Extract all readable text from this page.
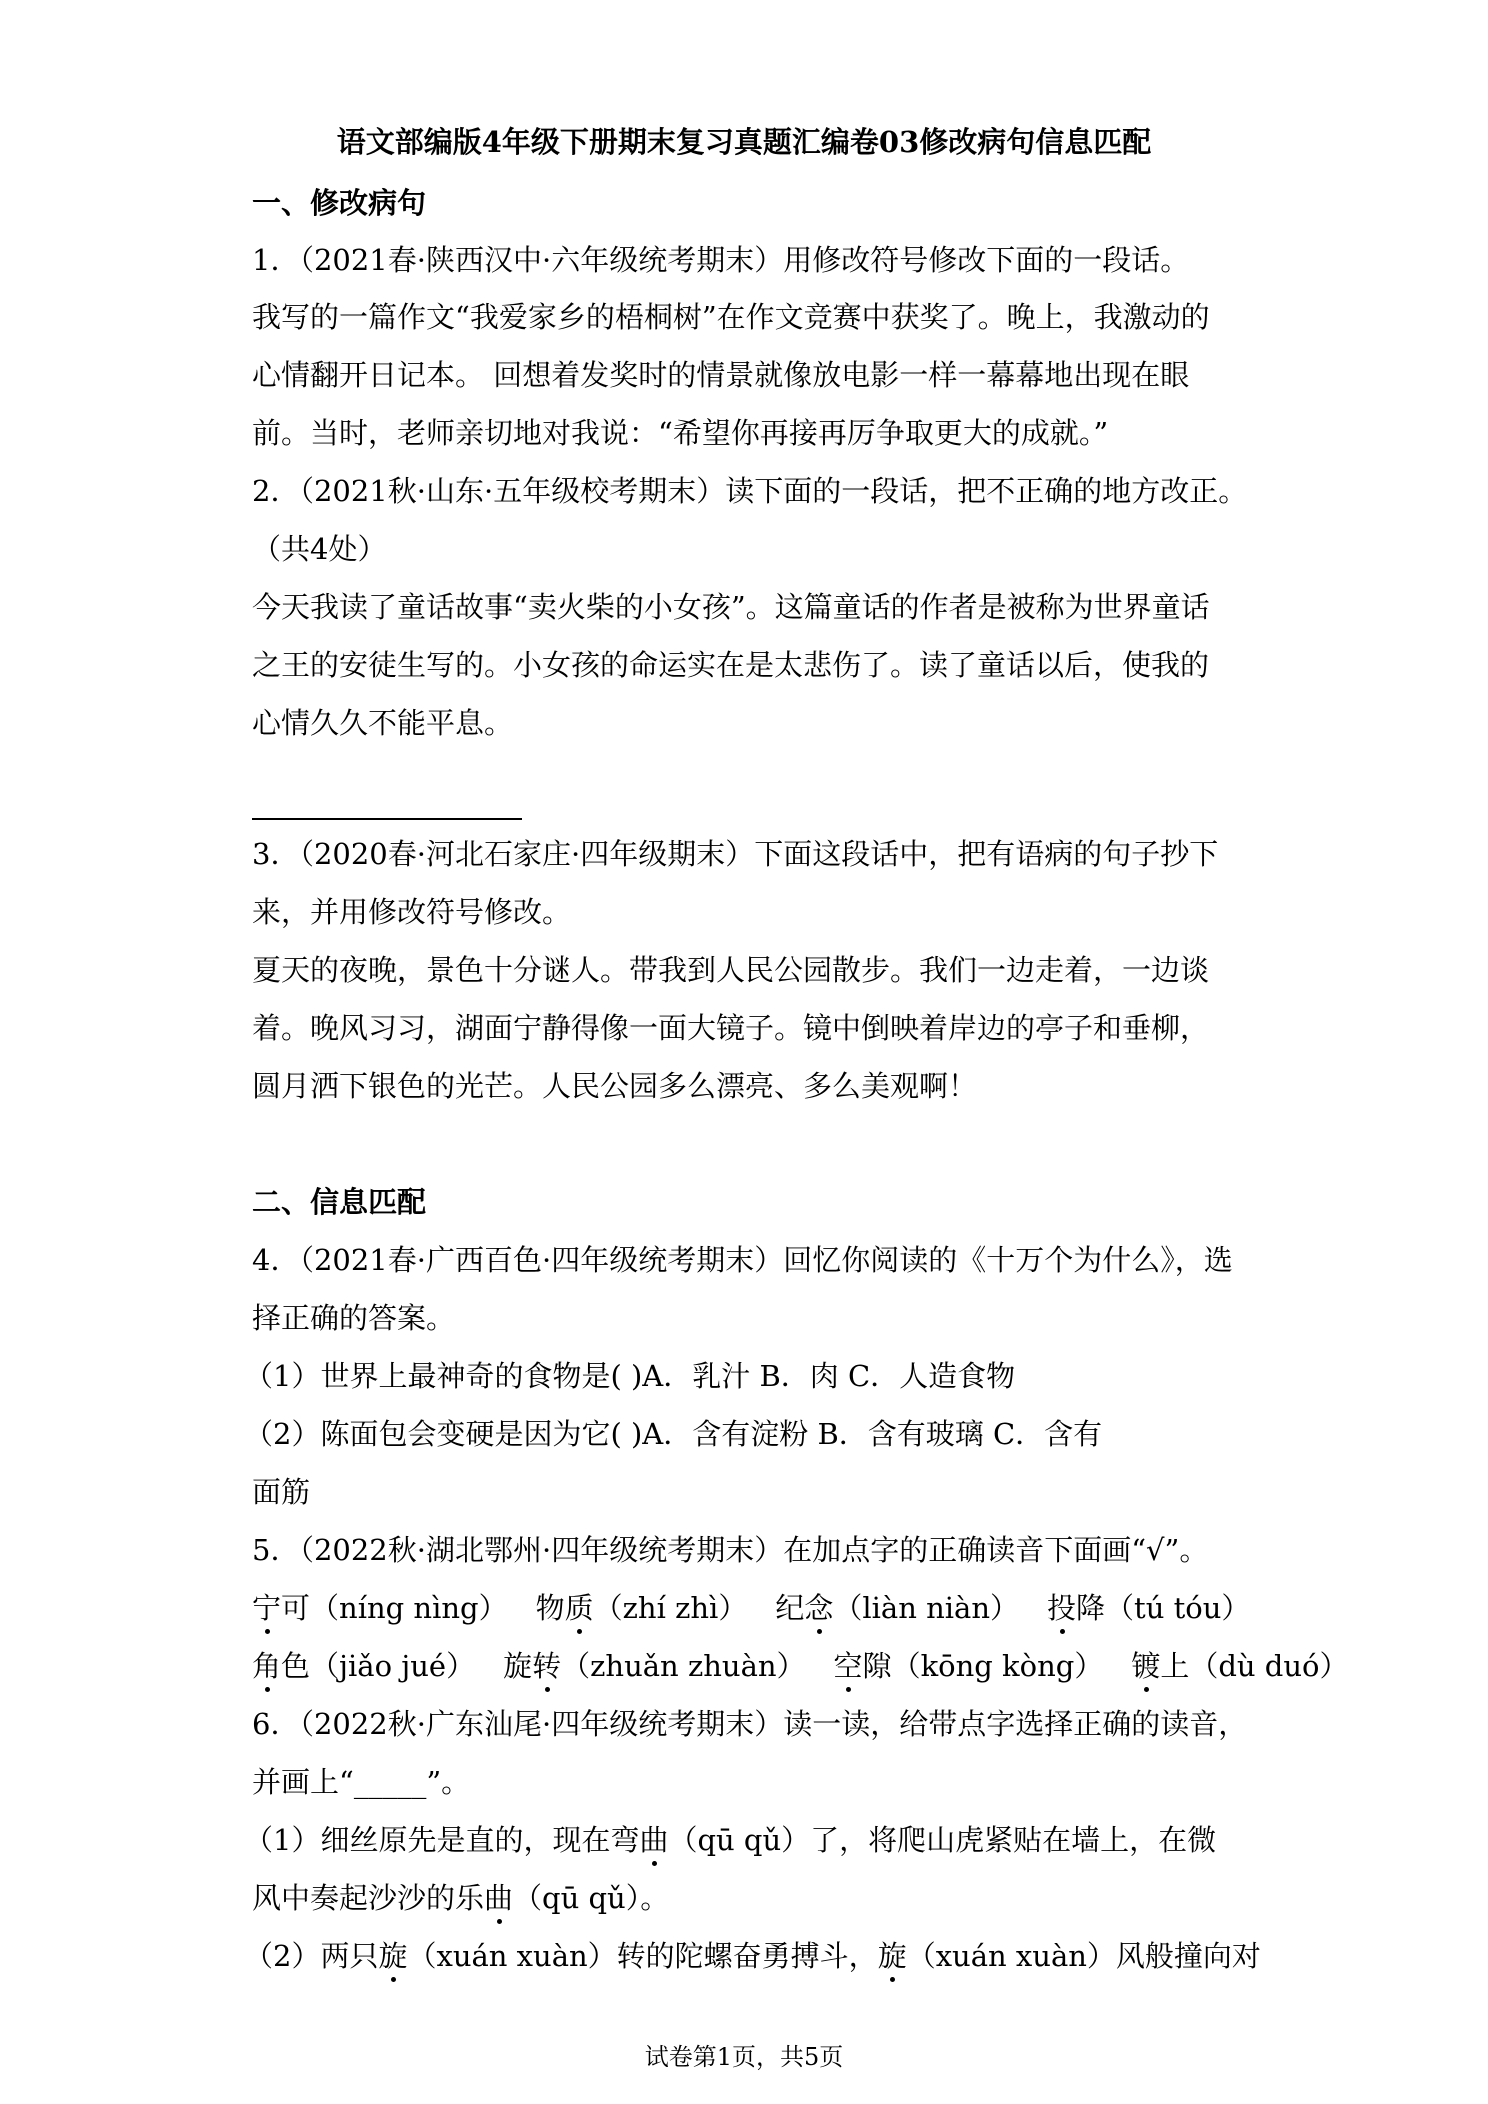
语文部编版4年级下册期末复习真题汇编卷03修改病句信息匹配
一、修改病句
1．（2021春·陕西汉中·六年级统考期末）用修改符号修改下面的一段话。
我写的一篇作文“我爱家乡的梧桐树”在作文竞赛中获奖了。晚上，我激动的
心情翻开日记本。 回想着发奖时的情景就像放电影一样一幕幕地出现在眼
前。当时，老师亲切地对我说：“希望你再接再厉争取更大的成就。”
2．（2021秋·山东·五年级校考期末）读下面的一段话，把不正确的地方改正。
（共4处）
今天我读了童话故事“卖火柴的小女孩”。这篇童话的作者是被称为世界童话
之王的安徒生写的。小女孩的命运实在是太悲伤了。读了童话以后，使我的
心情久久不能平息。
3．（2020春·河北石家庄·四年级期末）下面这段话中，把有语病的句子抄下
来，并用修改符号修改。
夏天的夜晚，景色十分谜人。带我到人民公园散步。我们一边走着，一边谈
着。晚风习习，湖面宁静得像一面大镜子。镜中倒映着岸边的亭子和垂柳，
圆月洒下银色的光芒。人民公园多么漂亮、多么美观啊！
二、信息匹配
4．（2021春·广西百色·四年级统考期末）回忆你阅读的《十万个为什么》，选
择正确的答案。
（1）世界上最神奇的食物是( )A．乳汁 B．肉 C．人造食物
（2）陈面包会变硬是因为它( )A．含有淀粉 B．含有玻璃 C．含有
面筋
5．（2022秋·湖北鄂州·四年级统考期末）在加点字的正确读音下面画“√”。
宁可（níng nìng） 物质（zhí zhì） 纪念（liàn niàn） 投降（tú tóu）
角色（jiǎo jué） 旋转（zhuǎn zhuàn） 空隙（kōng kòng） 镀上（dù duó）
6．（2022秋·广东汕尾·四年级统考期末）读一读，给带点字选择正确的读音，
并画上“_____”。
（1）细丝原先是直的，现在弯曲（qū qǔ）了，将爬山虎紧贴在墙上，在微
风中奏起沙沙的乐曲（qū qǔ）。
（2）两只旋（xuán xuàn）转的陀螺奋勇搏斗，旋（xuán xuàn）风般撞向对
试卷第1页，共5页
